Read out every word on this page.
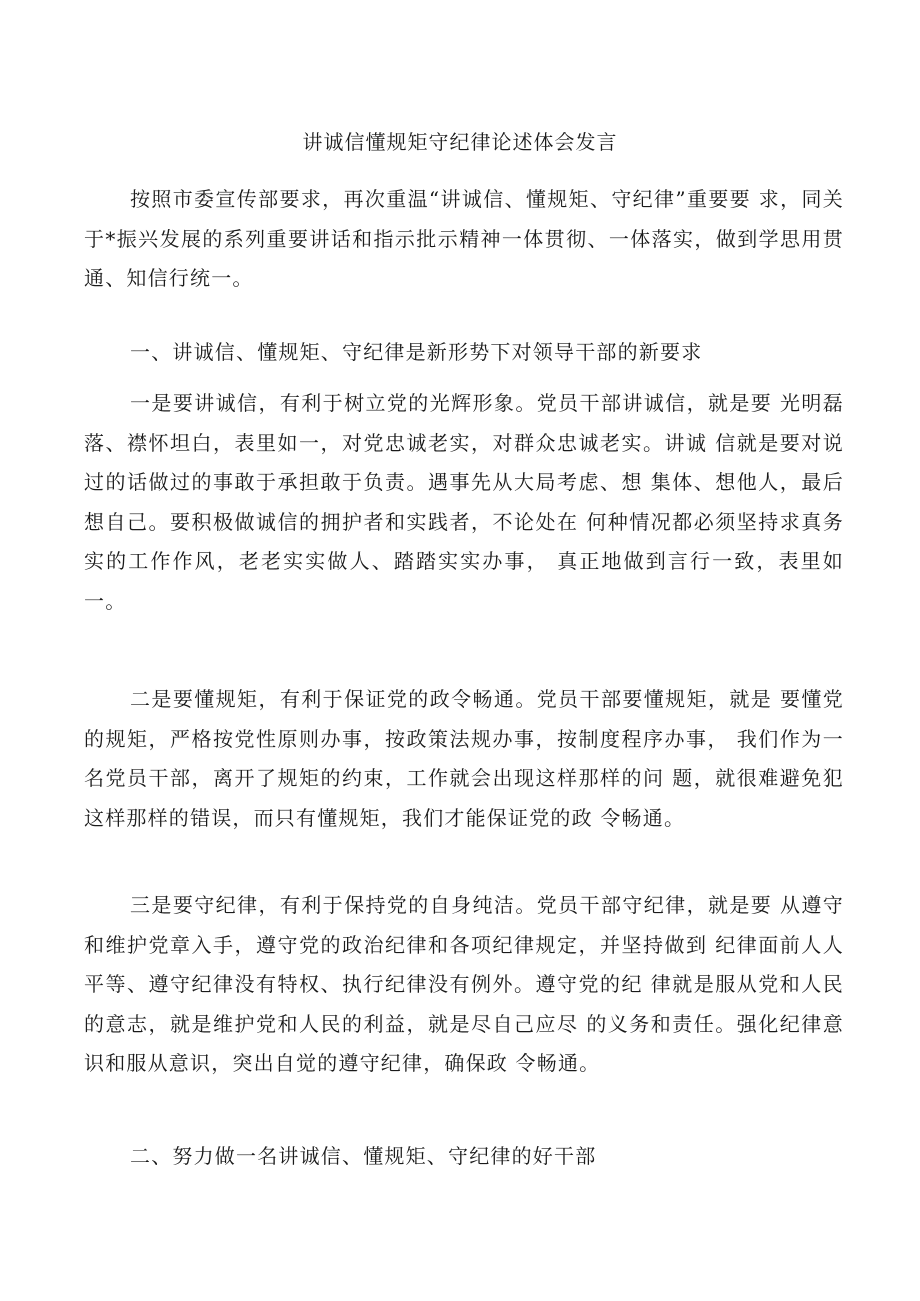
讲诚信懂规矩守纪律论述体会发言

按照市委宣传部要求，再次重温“讲诚信、懂规矩、守纪律”重要要 求，同关于*振兴发展的系列重要讲话和指示批示精神一体贯彻、一体落实，做到学思用贯通、知信行统一。

一、讲诚信、懂规矩、守纪律是新形势下对领导干部的新要求

一是要讲诚信，有利于树立党的光辉形象。党员干部讲诚信，就是要 光明磊落、襟怀坦白，表里如一，对党忠诚老实，对群众忠诚老实。讲诚 信就是要对说过的话做过的事敢于承担敢于负责。遇事先从大局考虑、想 集体、想他人，最后想自己。要积极做诚信的拥护者和实践者，不论处在 何种情况都必须坚持求真务实的工作作风，老老实实做人、踏踏实实办事， 真正地做到言行一致，表里如一。

二是要懂规矩，有利于保证党的政令畅通。党员干部要懂规矩，就是 要懂党的规矩，严格按党性原则办事，按政策法规办事，按制度程序办事， 我们作为一名党员干部，离开了规矩的约束，工作就会出现这样那样的问 题，就很难避免犯这样那样的错误，而只有懂规矩，我们才能保证党的政 令畅通。

三是要守纪律，有利于保持党的自身纯洁。党员干部守纪律，就是要 从遵守和维护党章入手，遵守党的政治纪律和各项纪律规定，并坚持做到 纪律面前人人平等、遵守纪律没有特权、执行纪律没有例外。遵守党的纪 律就是服从党和人民的意志，就是维护党和人民的利益，就是尽自己应尽 的义务和责任。强化纪律意识和服从意识，突出自觉的遵守纪律，确保政 令畅通。

二、努力做一名讲诚信、懂规矩、守纪律的好干部
